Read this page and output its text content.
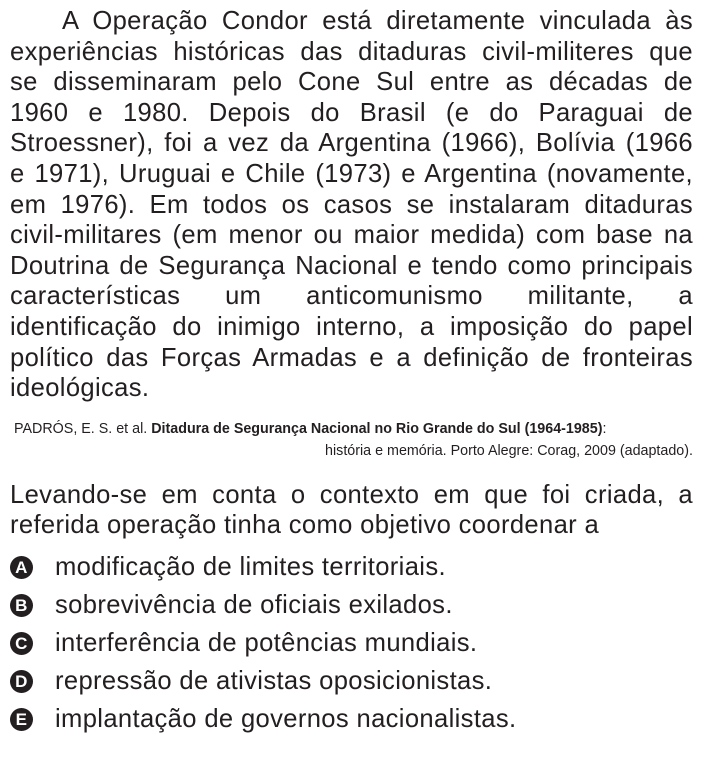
A Operação Condor está diretamente vinculada às experiências históricas das ditaduras civil-militeres que se disseminaram pelo Cone Sul entre as décadas de 1960 e 1980. Depois do Brasil (e do Paraguai de Stroessner), foi a vez da Argentina (1966), Bolívia (1966 e 1971), Uruguai e Chile (1973) e Argentina (novamente, em 1976). Em todos os casos se instalaram ditaduras civil-militares (em menor ou maior medida) com base na Doutrina de Segurança Nacional e tendo como principais características um anticomunismo militante, a identificação do inimigo interno, a imposição do papel político das Forças Armadas e a definição de fronteiras ideológicas.

PADRÓS, E. S. et al. Ditadura de Segurança Nacional no Rio Grande do Sul (1964-1985):
história e memória. Porto Alegre: Corag, 2009 (adaptado).

Levando-se em conta o contexto em que foi criada, a referida operação tinha como objetivo coordenar a

A modificação de limites territoriais.
B sobrevivência de oficiais exilados.
C interferência de potências mundiais.
D repressão de ativistas oposicionistas.
E implantação de governos nacionalistas.
